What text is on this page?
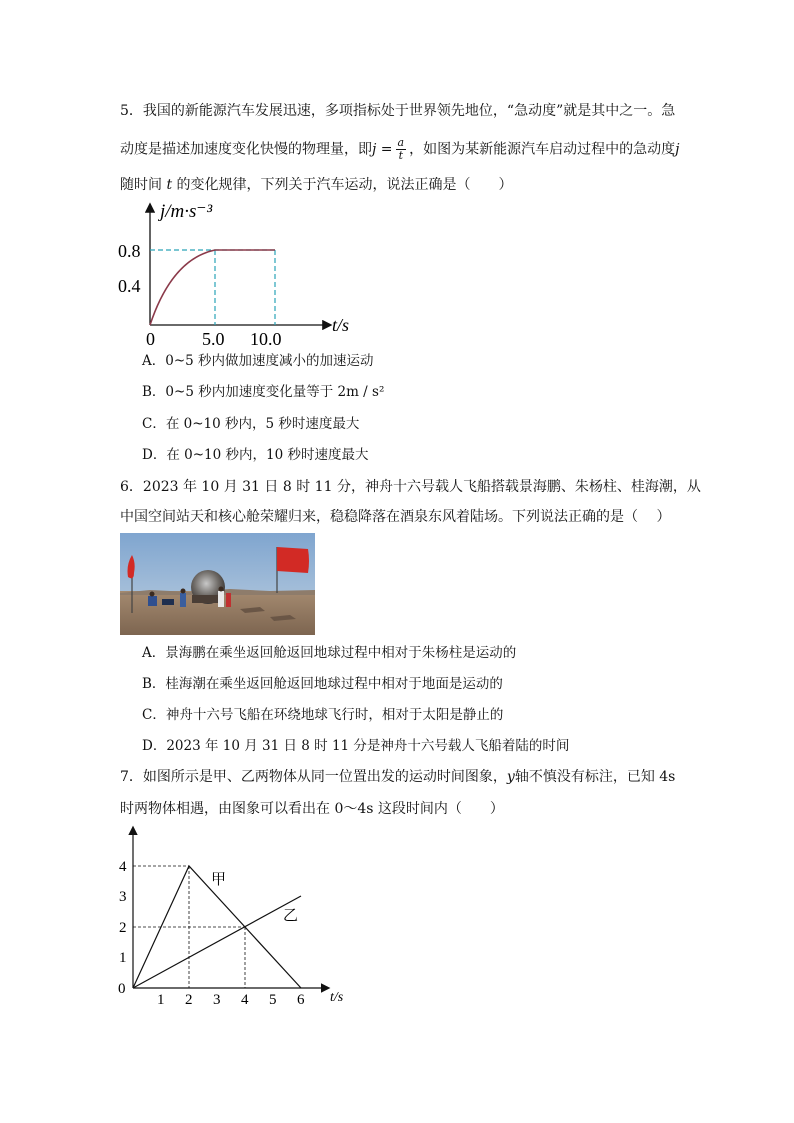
5．我国的新能源汽车发展迅速，多项指标处于世界领先地位，“急动度”就是其中之一。急
动度是描述加速度变化快慢的物理量，即$j = \frac{a}{t}$ ，如图为某新能源汽车启动过程中的急动度j
随时间 t 的变化规律，下列关于汽车运动，说法正确是（　　）
j/m·s⁻³
t/s
0.8
0.4
0	5.0 10.0
A．0~5 秒内做加速度减小的加速运动
B．0~5 秒内加速度变化量等于 2m / s²
C．在 0~10 秒内，5 秒时速度最大
D．在 0~10 秒内，10 秒时速度最大
6．2023 年 10 月 31 日 8 时 11 分，神舟十六号载人飞船搭载景海鹏、朱杨柱、桂海潮，从
中国空间站天和核心舱荣耀归来，稳稳降落在酒泉东风着陆场。下列说法正确的是（　 ）
A．景海鹏在乘坐返回舱返回地球过程中相对于朱杨柱是运动的
B．桂海潮在乘坐返回舱返回地球过程中相对于地面是运动的
C．神舟十六号飞船在环绕地球飞行时，相对于太阳是静止的
D．2023 年 10 月 31 日 8 时 11 分是神舟十六号载人飞船着陆的时间
7．如图所示是甲、乙两物体从同一位置出发的运动时间图象，y轴不慎没有标注，已知 4s
时两物体相遇，由图象可以看出在 0～4s 这段时间内（　　）
甲
乙
0
1
2
3
4
1 2 3 4 5 6 t/s
